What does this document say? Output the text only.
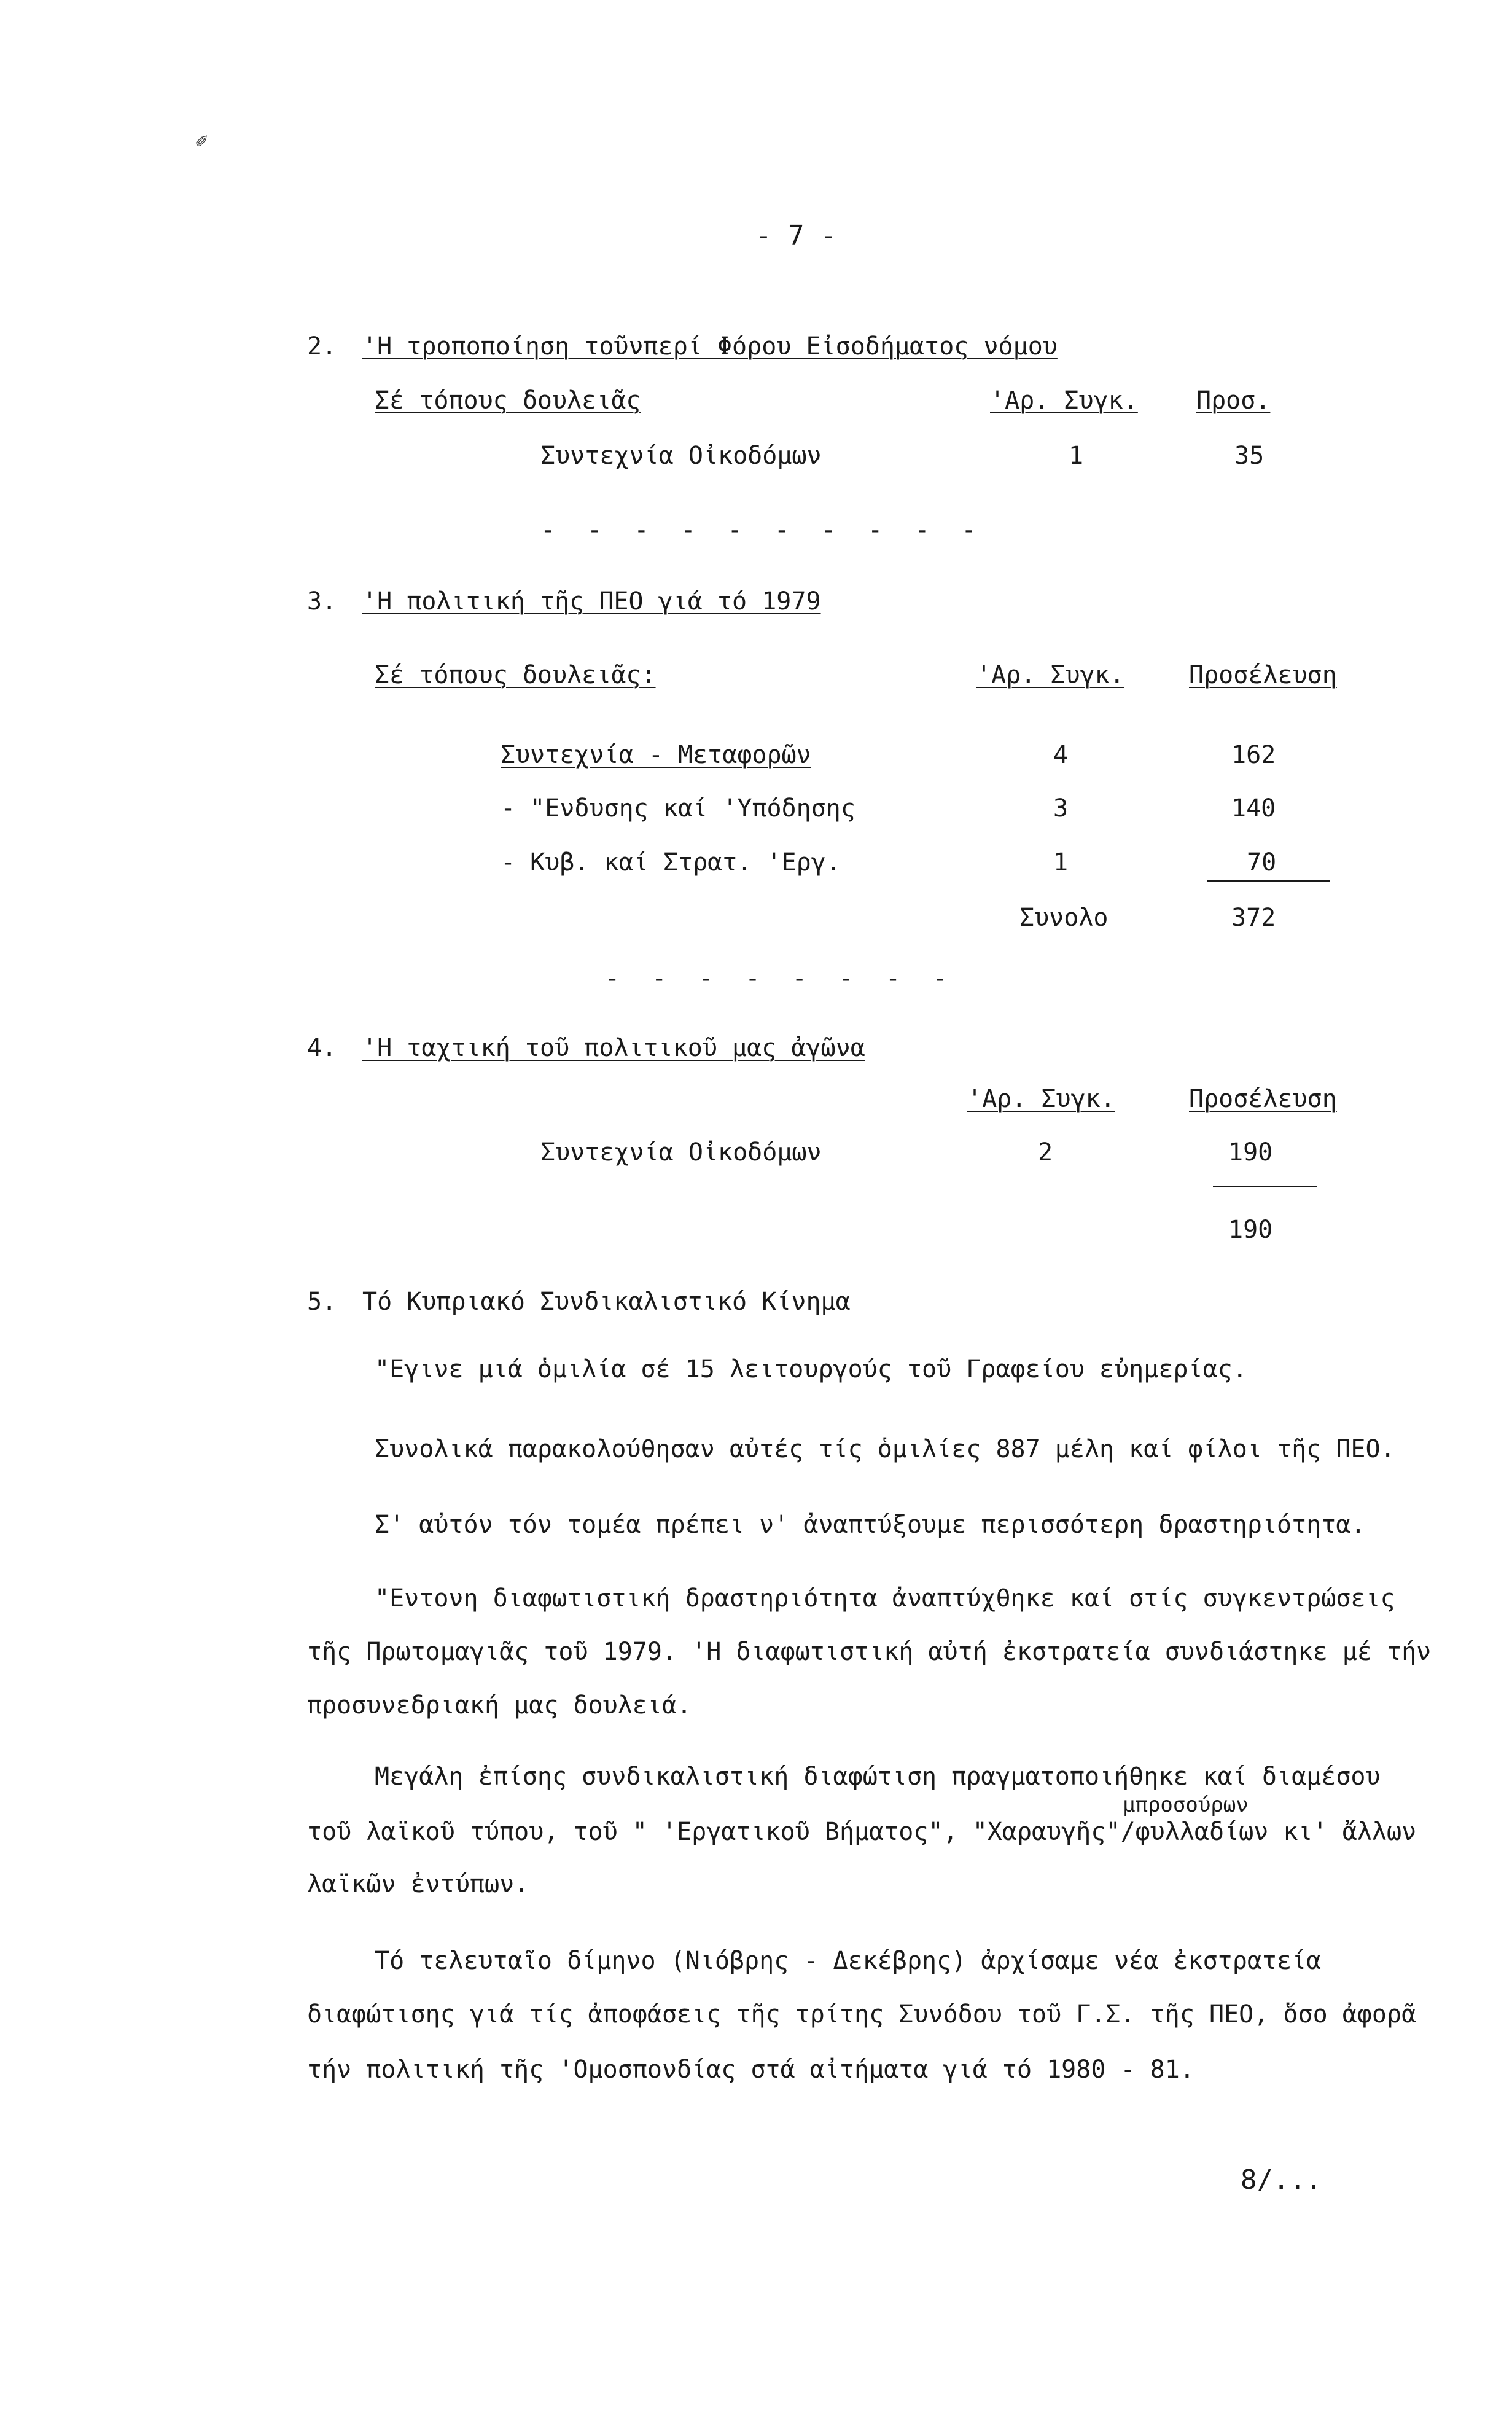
✐
- 7 -
2. 'Η τροποποίηση τοῦνπερί Φόρου Εἰσοδήματος νόμου
Σέ τόπους δουλειᾶς	'Αρ. Συγκ. Προσ.
Συντεχνία Οἰκοδόμων	1	35
- - - - - - - - - -
3. 'Η πολιτική τῆς ΠΕΟ γιά τό 1979
Σέ τόπους δουλειᾶς:	'Αρ. Συγκ.	Προσέλευση
Συντεχνία - Μεταφορῶν	4	162
- "Ενδυσης καί 'Υπόδησης	3	140
- Κυβ. καί Στρατ. 'Εργ.	1	70
Συνολο	372
- - - - - - - -
4. 'Η ταχτική τοῦ πολιτικοῦ μας ἀγῶνα
'Αρ. Συγκ.	Προσέλευση
Συντεχνία Οἰκοδόμων	2	190
190
5. Τό Κυπριακό Συνδικαλιστικό Κίνημα
"Εγινε μιά ὁμιλία σέ 15 λειτουργούς τοῦ Γραφείου εὐημερίας.
Συνολικά παρακολούθησαν αὐτές τίς ὁμιλίες 887 μέλη καί φίλοι τῆς ΠΕΟ.
Σ' αὐτόν τόν τομέα πρέπει ν' ἀναπτύξουμε περισσότερη δραστηριότητα.
"Εντονη διαφωτιστική δραστηριότητα ἀναπτύχθηκε καί στίς συγκεντρώσεις
τῆς Πρωτομαγιᾶς τοῦ 1979. 'Η διαφωτιστική αὐτή ἐκστρατεία συνδιάστηκε μέ τήν
προσυνεδριακή μας δουλειά.
Μεγάλη ἐπίσης συνδικαλιστική διαφώτιση πραγματοποιήθηκε καί διαμέσου
μπροσούρων
τοῦ λαϊκοῦ τύπου, τοῦ " 'Εργατικοῦ Βήματος", "Χαραυγῆς"/φυλλαδίων κι' ἄλλων
λαϊκῶν ἐντύπων.
Τό τελευταῖο δίμηνο (Νιόβρης - Δεκέβρης) ἀρχίσαμε νέα ἐκστρατεία
διαφώτισης γιά τίς ἀποφάσεις τῆς τρίτης Συνόδου τοῦ Γ.Σ. τῆς ΠΕΟ, ὅσο ἀφορᾶ
τήν πολιτική τῆς 'Ομοσπονδίας στά αἰτήματα γιά τό 1980 - 81.
8/...
